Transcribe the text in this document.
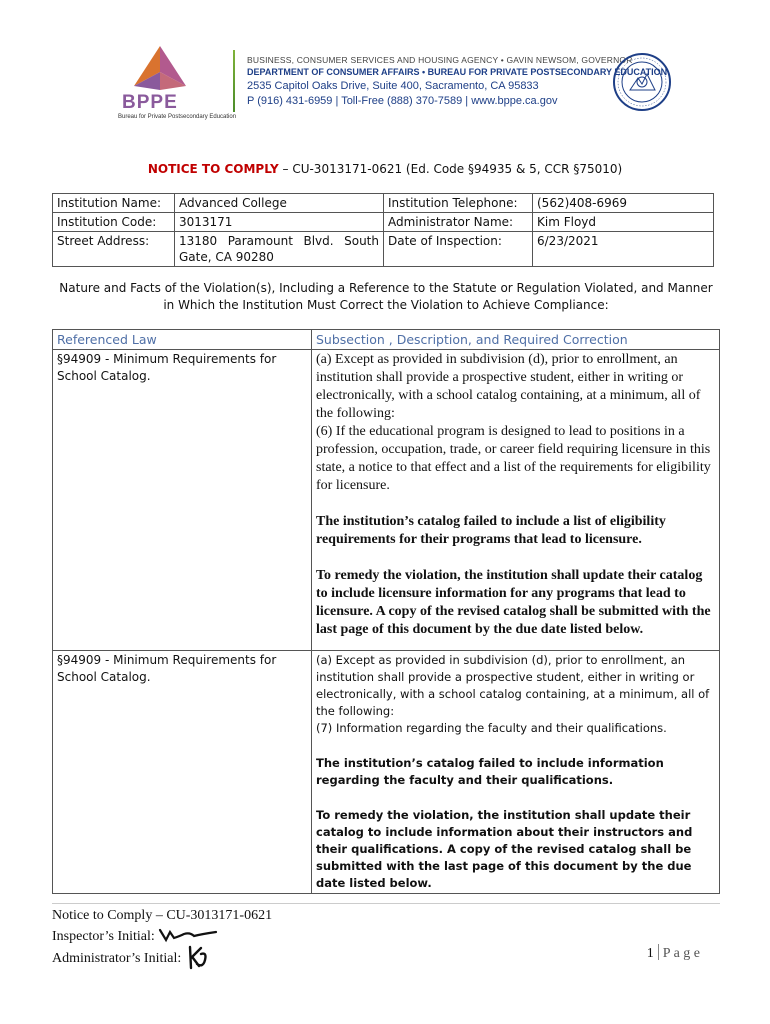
BPPE
Bureau for Private Postsecondary Education
BUSINESS, CONSUMER SERVICES AND HOUSING AGENCY • GAVIN NEWSOM, GOVERNOR
DEPARTMENT OF CONSUMER AFFAIRS • BUREAU FOR PRIVATE POSTSECONDARY EDUCATION
2535 Capitol Oaks Drive, Suite 400, Sacramento, CA 95833
P (916) 431-6959 | Toll-Free (888) 370-7589 | www.bppe.ca.gov
NOTICE TO COMPLY – CU-3013171-0621 (Ed. Code §94935 & 5, CCR §75010)
Institution Name:	Advanced College	Institution Telephone:	(562)408-6969
Institution Code:	3013171	Administrator Name:	Kim Floyd
Street Address:	13180 Paramount Blvd. South Gate, CA 90280	Date of Inspection:	6/23/2021
Nature and Facts of the Violation(s), Including a Reference to the Statute or Regulation Violated, and Manner in Which the Institution Must Correct the Violation to Achieve Compliance:
Referenced Law	Subsection , Description, and Required Correction
§94909 - Minimum Requirements for School Catalog.	(a) Except as provided in subdivision (d), prior to enrollment, an institution shall provide a prospective student, either in writing or electronically, with a school catalog containing, at a minimum, all of the following:
(6) If the educational program is designed to lead to positions in a profession, occupation, trade, or career field requiring licensure in this state, a notice to that effect and a list of the requirements for eligibility for licensure.
The institution’s catalog failed to include a list of eligibility requirements for their programs that lead to licensure.
To remedy the violation, the institution shall update their catalog to include licensure information for any programs that lead to licensure. A copy of the revised catalog shall be submitted with the last page of this document by the due date listed below.

§94909 - Minimum Requirements for School Catalog.	(a) Except as provided in subdivision (d), prior to enrollment, an institution shall provide a prospective student, either in writing or electronically, with a school catalog containing, at a minimum, all of the following:
(7) Information regarding the faculty and their qualifications.
The institution’s catalog failed to include information regarding the faculty and their qualifications.
To remedy the violation, the institution shall update their catalog to include information about their instructors and their qualifications. A copy of the revised catalog shall be submitted with the last page of this document by the due date listed below.
Notice to Comply – CU-3013171-0621
Inspector’s Initial:
Administrator’s Initial:	1 P a g e
